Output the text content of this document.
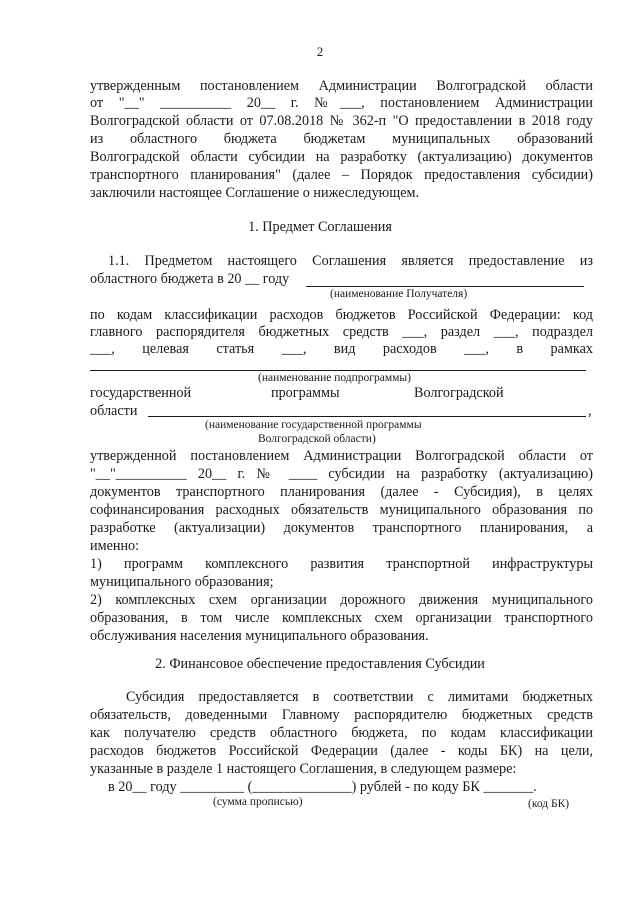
2
утвержденным постановлением Администрации Волгоградской области
от "__" __________ 20__ г. №___, постановлением Администрации
Волгоградской области от 07.08.2018 № 362-п "О предоставлении в 2018 году
из областного бюджета бюджетам муниципальных образований
Волгоградской области субсидии на разработку (актуализацию) документов
транспортного планирования" (далее – Порядок предоставления субсидии)
заключили настоящее Соглашение о нижеследующем.
1. Предмет Соглашения
1.1. Предметом настоящего Соглашения является предоставление из
областного бюджета в 20 __ году
(наименование Получателя)
по кодам классификации расходов бюджетов Российской Федерации: код
главного распорядителя бюджетных средств ___, раздел ___, подраздел
___, целевая статья ___, вид расходов ___, в рамках
(наименование подпрограммы)
государственной	программы	Волгоградской
области	,
(наименование государственной программы
Волгоградской области)
утвержденной постановлением Администрации Волгоградской области от
"__"__________ 20__ г. № ____ субсидии на разработку (актуализацию)
документов транспортного планирования (далее - Субсидия), в целях
софинансирования расходных обязательств муниципального образования по
разработке (актуализации) документов транспортного планирования, а
именно:
1) программ комплексного развития транспортной инфраструктуры
муниципального образования;
2) комплексных схем организации дорожного движения муниципального
образования, в том числе комплексных схем организации транспортного
обслуживания населения муниципального образования.
2. Финансовое обеспечение предоставления Субсидии
Субсидия предоставляется в соответствии с лимитами бюджетных
обязательств, доведенными Главному распорядителю бюджетных средств
как получателю средств областного бюджета, по кодам классификации
расходов бюджетов Российской Федерации (далее - коды БК) на цели,
указанные в разделе 1 настоящего Соглашения, в следующем размере:
в 20__ году _________ (______________) рублей - по коду БК _______.
(сумма прописью)	(код БК)
